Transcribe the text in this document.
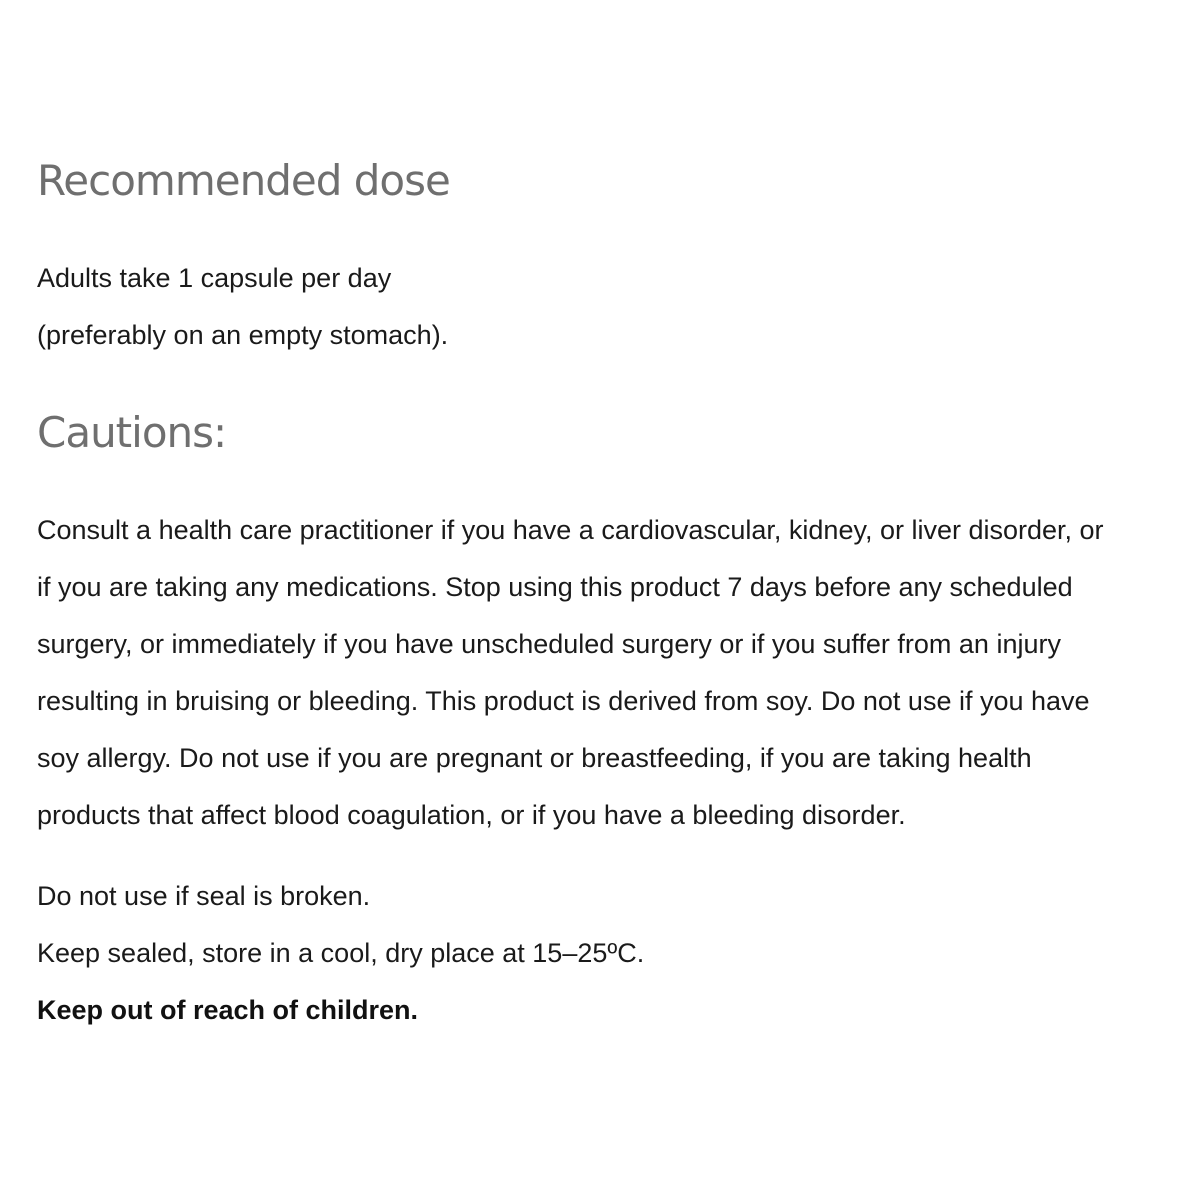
Recommended dose

Adults take 1 capsule per day

(preferably on an empty stomach).

Cautions:

Consult a health care practitioner if you have a cardiovascular, kidney, or liver disorder, or

if you are taking any medications. Stop using this product 7 days before any scheduled

surgery, or immediately if you have unscheduled surgery or if you suffer from an injury

resulting in bruising or bleeding. This product is derived from soy. Do not use if you have

soy allergy. Do not use if you are pregnant or breastfeeding, if you are taking health

products that affect blood coagulation, or if you have a bleeding disorder.

Do not use if seal is broken.

Keep sealed, store in a cool, dry place at 15–25ºC.

Keep out of reach of children.
